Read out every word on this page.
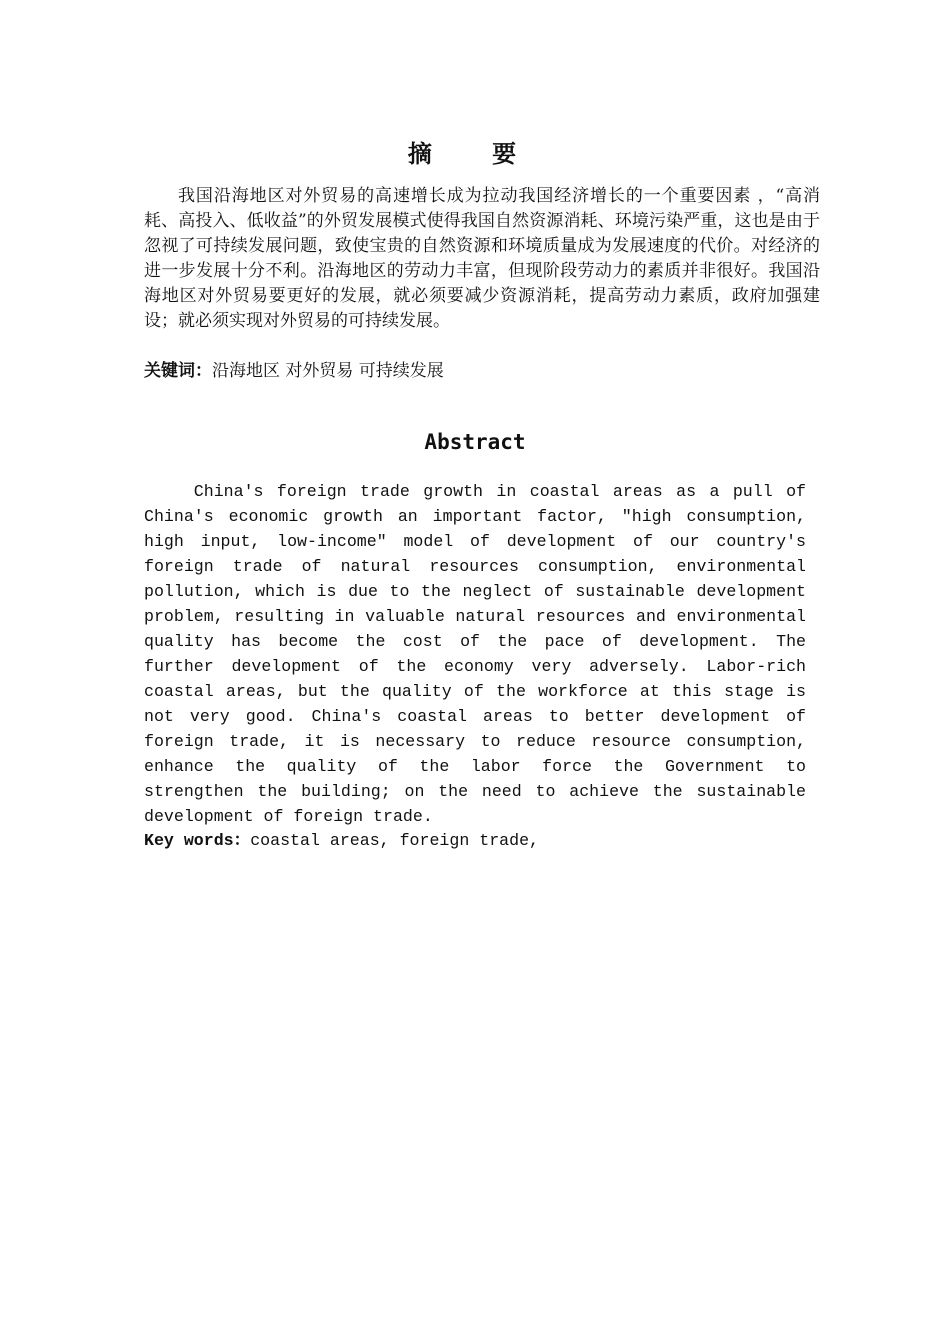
摘 要

我国沿海地区对外贸易的高速增长成为拉动我国经济增长的一个重要因素 ，“高消耗、高投入、低收益”的外贸发展模式使得我国自然资源消耗、环境污染严重，这也是由于忽视了可持续发展问题，致使宝贵的自然资源和环境质量成为发展速度的代价。对经济的进一步发展十分不利。沿海地区的劳动力丰富，但现阶段劳动力的素质并非很好。我国沿海地区对外贸易要更好的发展，就必须要减少资源消耗，提高劳动力素质，政府加强建设；就必须实现对外贸易的可持续发展。

关键词：沿海地区 对外贸易 可持续发展

Abstract

China's foreign trade growth in coastal areas as a pull of China's economic growth an important factor, "high consumption, high input, low-income" model of development of our country's foreign trade of natural resources consumption, environmental pollution, which is due to the neglect of sustainable development problem, resulting in valuable natural resources and environmental quality has become the cost of the pace of development. The further development of the economy very adversely. Labor-rich coastal areas, but the quality of the workforce at this stage is not very good. China's coastal areas to better development of foreign trade, it is necessary to reduce resource consumption, enhance the quality of the labor force the Government to strengthen the building; on the need to achieve the sustainable development of foreign trade.

Key words：coastal areas, foreign trade,
